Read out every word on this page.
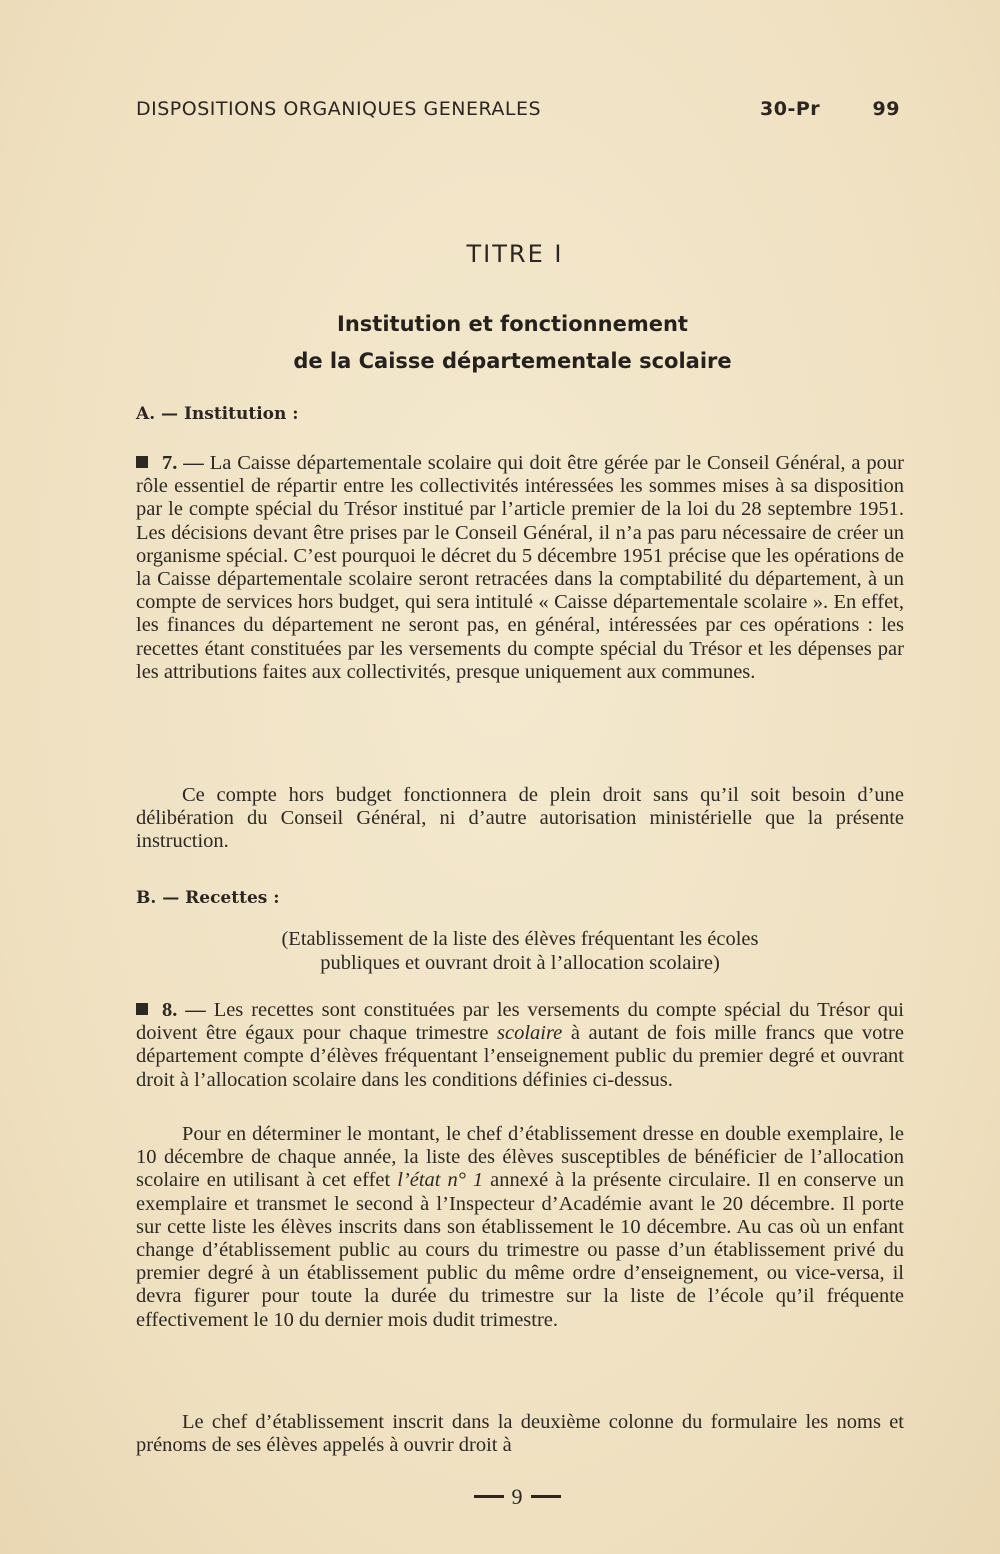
DISPOSITIONS ORGANIQUES GENERALES	30-Pr	99
TITRE I
Institution et fonctionnement
de la Caisse départementale scolaire
A. — Institution :
7. — La Caisse départementale scolaire qui doit être gérée par le Conseil Général, a pour rôle essentiel de répartir entre les collectivités intéressées les sommes mises à sa disposition par le compte spécial du Trésor institué par l’article premier de la loi du 28 septembre 1951. Les décisions devant être prises par le Conseil Général, il n’a pas paru nécessaire de créer un organisme spécial. C’est pourquoi le décret du 5 décembre 1951 précise que les opérations de la Caisse départementale scolaire seront retracées dans la comptabilité du département, à un compte de services hors budget, qui sera intitulé « Caisse départementale scolaire ». En effet, les finances du département ne seront pas, en général, intéressées par ces opérations : les recettes étant constituées par les versements du compte spécial du Trésor et les dépenses par les attributions faites aux collectivités, presque uniquement aux communes.
Ce compte hors budget fonctionnera de plein droit sans qu’il soit besoin d’une délibération du Conseil Général, ni d’autre autorisation ministérielle que la présente instruction.
B. — Recettes :
(Etablissement de la liste des élèves fréquentant les écoles
publiques et ouvrant droit à l’allocation scolaire)
8. — Les recettes sont constituées par les versements du compte spécial du Trésor qui doivent être égaux pour chaque trimestre scolaire à autant de fois mille francs que votre département compte d’élèves fréquentant l’enseignement public du premier degré et ouvrant droit à l’allocation scolaire dans les conditions définies ci-dessus.
Pour en déterminer le montant, le chef d’établissement dresse en double exemplaire, le 10 décembre de chaque année, la liste des élèves susceptibles de bénéficier de l’allocation scolaire en utilisant à cet effet l’état n° 1 annexé à la présente circulaire. Il en conserve un exemplaire et transmet le second à l’Inspecteur d’Académie avant le 20 décembre. Il porte sur cette liste les élèves inscrits dans son établissement le 10 décembre. Au cas où un enfant change d’établissement public au cours du trimestre ou passe d’un établissement privé du premier degré à un établissement public du même ordre d’enseignement, ou vice-versa, il devra figurer pour toute la durée du trimestre sur la liste de l’école qu’il fréquente effectivement le 10 du dernier mois dudit trimestre.
Le chef d’établissement inscrit dans la deuxième colonne du formulaire les noms et prénoms de ses élèves appelés à ouvrir droit à
9
